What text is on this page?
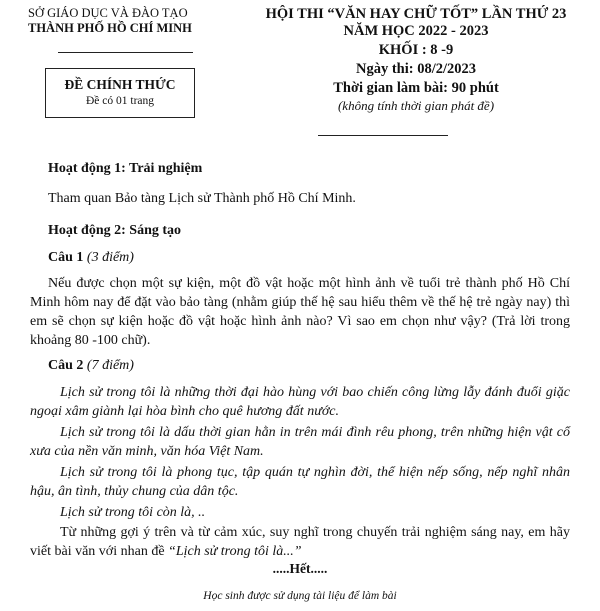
SỞ GIÁO DỤC VÀ ĐÀO TẠO
THÀNH PHỐ HỒ CHÍ MINH
ĐỀ CHÍNH THỨC
Đề có 01 trang
HỘI THI “VĂN HAY CHỮ TỐT” LẦN THỨ 23
NĂM HỌC 2022 - 2023
KHỐI : 8 -9
Ngày thi: 08/2/2023
Thời gian làm bài: 90 phút
(không tính thời gian phát đề)
Hoạt động 1: Trải nghiệm
Tham quan Bảo tàng Lịch sử Thành phố Hồ Chí Minh.
Hoạt động 2: Sáng tạo
Câu 1 (3 điểm)
Nếu được chọn một sự kiện, một đồ vật hoặc một hình ảnh về tuổi trẻ thành phố Hồ Chí Minh hôm nay để đặt vào bảo tàng (nhằm giúp thế hệ sau hiểu thêm về thế hệ trẻ ngày nay) thì em sẽ chọn sự kiện hoặc đồ vật hoặc hình ảnh nào? Vì sao em chọn như vậy? (Trả lời trong khoảng 80 -100 chữ).
Câu 2 (7 điểm)
Lịch sử trong tôi là những thời đại hào hùng với bao chiến công lừng lẫy đánh đuổi giặc ngoại xâm giành lại hòa bình cho quê hương đất nước.
Lịch sử trong tôi là dấu thời gian hằn in trên mái đình rêu phong, trên những hiện vật cổ xưa của nền văn minh, văn hóa Việt Nam.
Lịch sử trong tôi là phong tục, tập quán tự nghìn đời, thể hiện nếp sống, nếp nghĩ nhân hậu, ân tình, thủy chung của dân tộc.
Lịch sử trong tôi còn là, ..
Từ những gợi ý trên và từ cảm xúc, suy nghĩ trong chuyến trải nghiệm sáng nay, em hãy viết bài văn với nhan đề “Lịch sử trong tôi là...”
.....Hết.....
Học sinh được sử dụng tài liệu để làm bài
